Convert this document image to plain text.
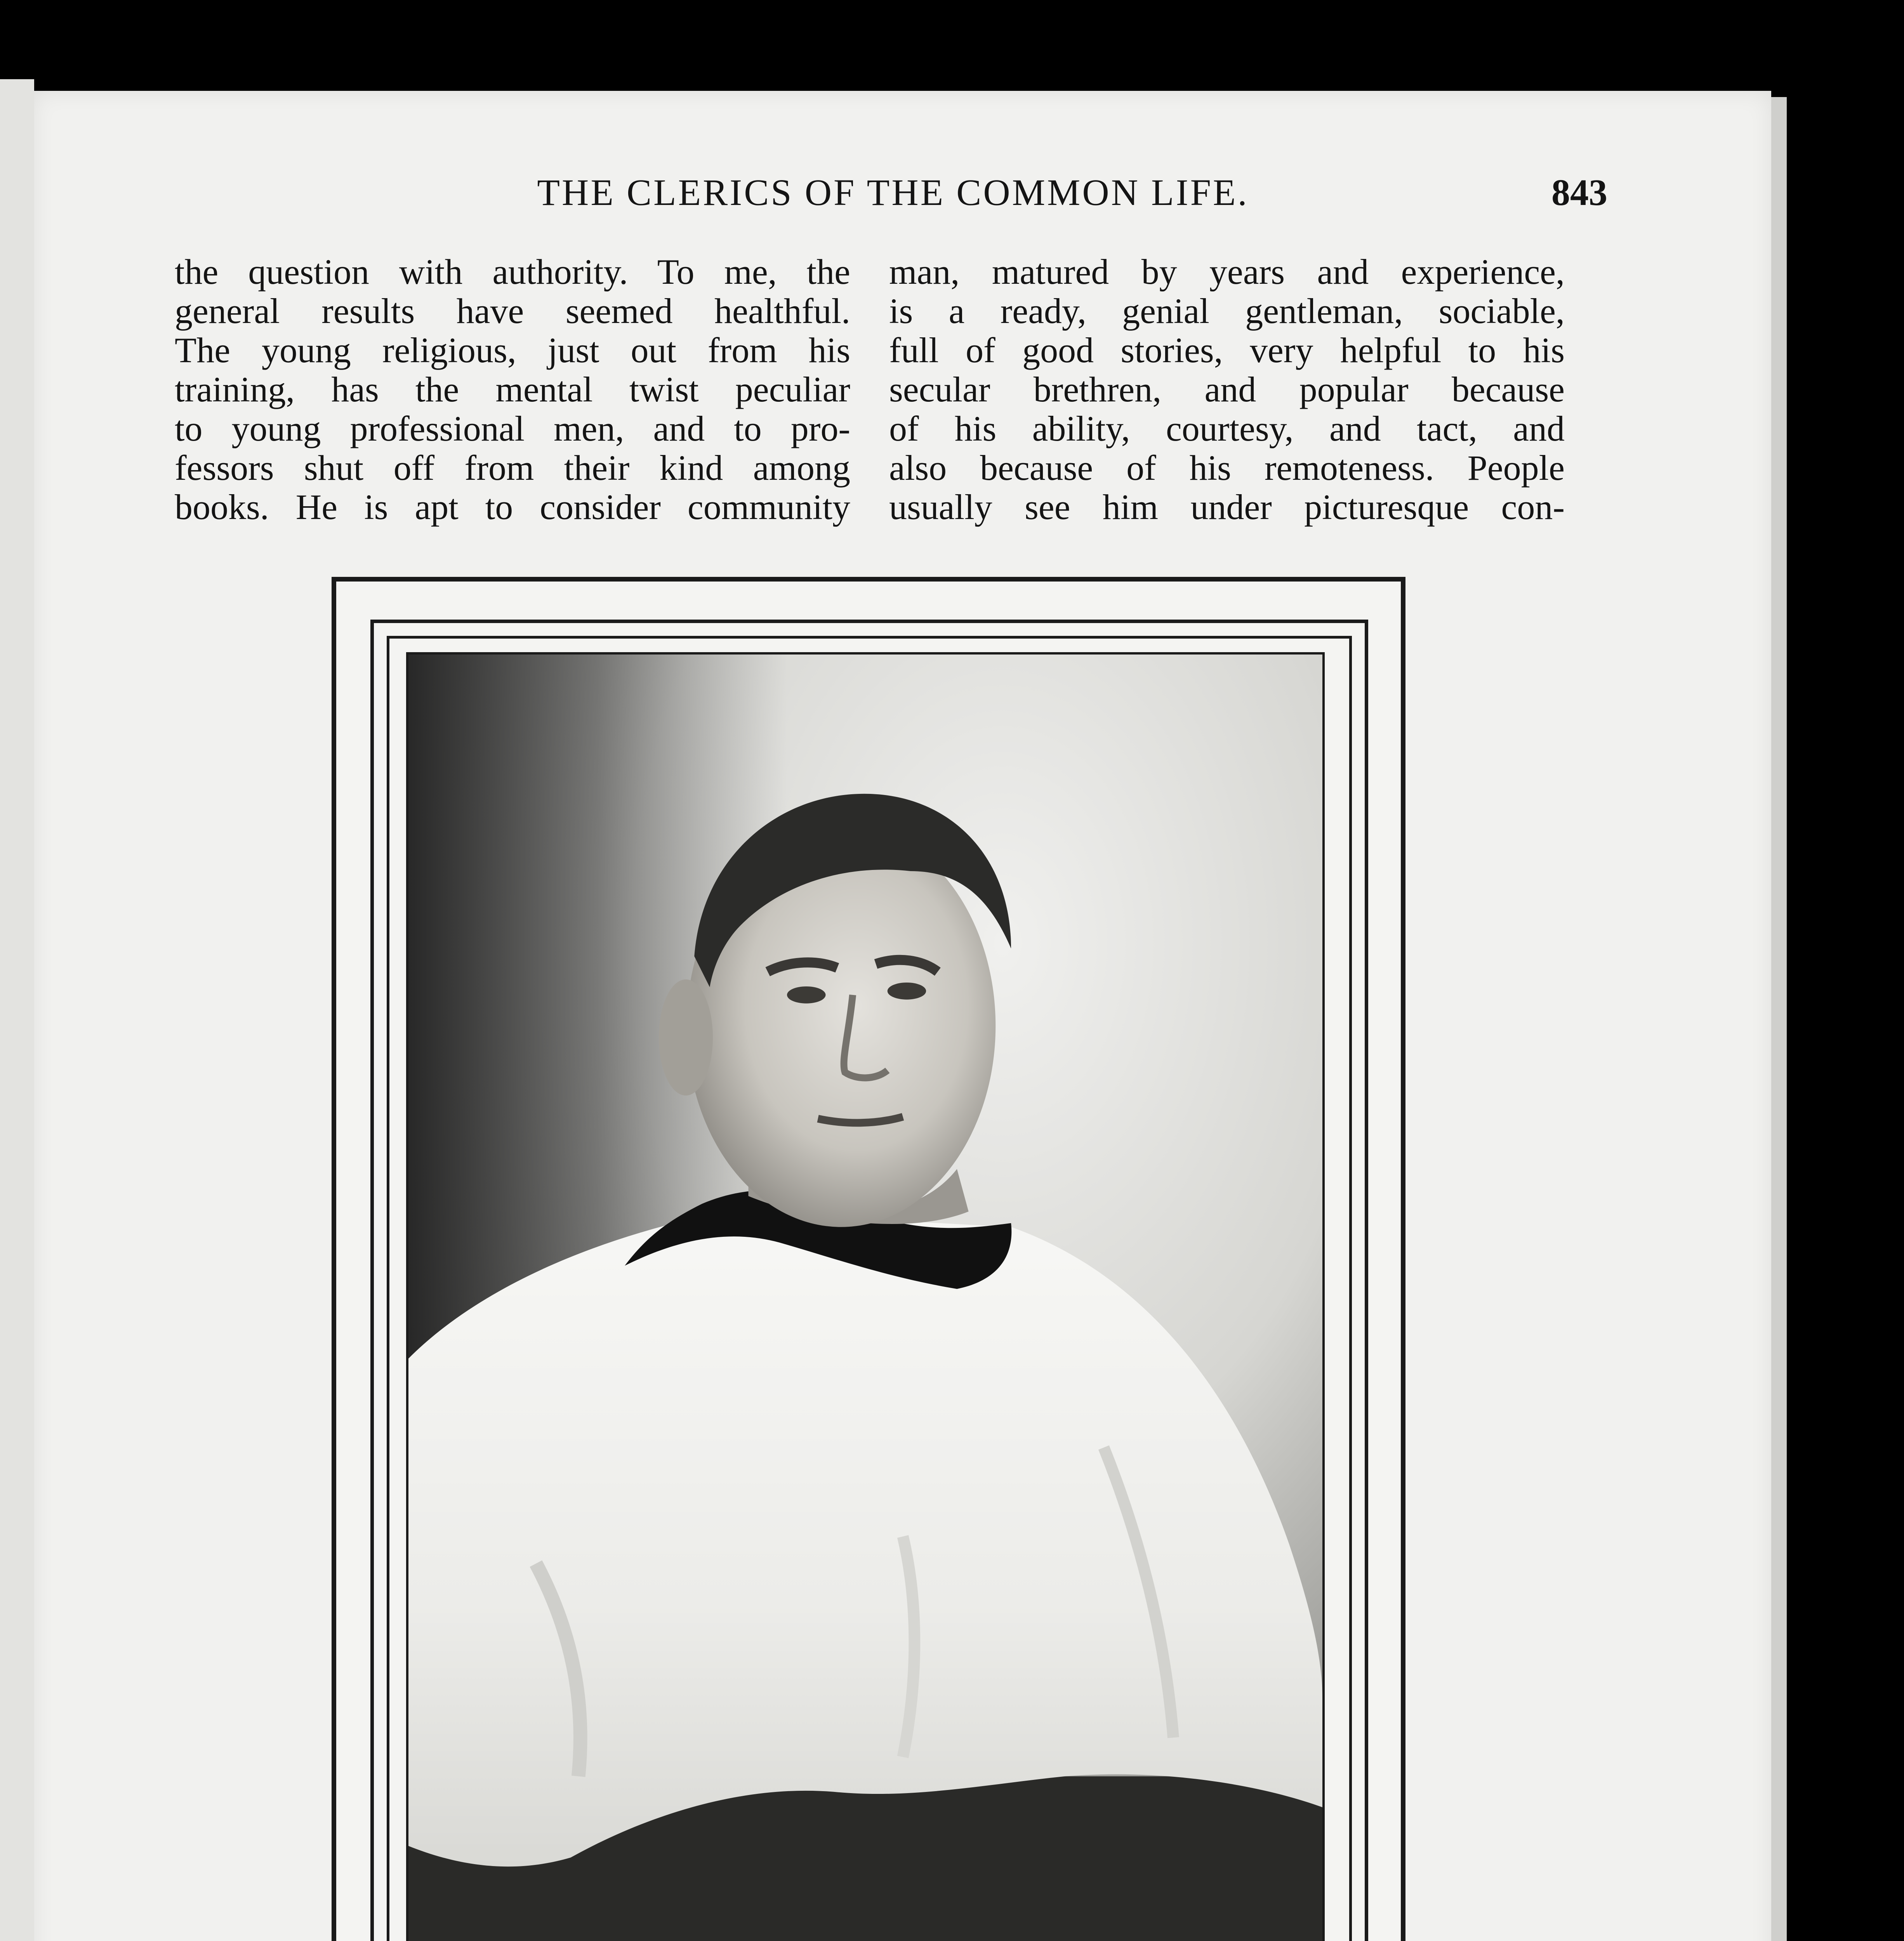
THE CLERICS OF THE COMMON LIFE.	843

the question with authority. To me, the
general results have seemed healthful.
The young religious, just out from his
training, has the mental twist peculiar
to young professional men, and to pro-
fessors shut off from their kind among
books. He is apt to consider community

man, matured by years and experience,
is a ready, genial gentleman, sociable,
full of good stories, very helpful to his
secular brethren, and popular because
of his ability, courtesy, and tact, and
also because of his remoteness. People
usually see him under picturesque con-
